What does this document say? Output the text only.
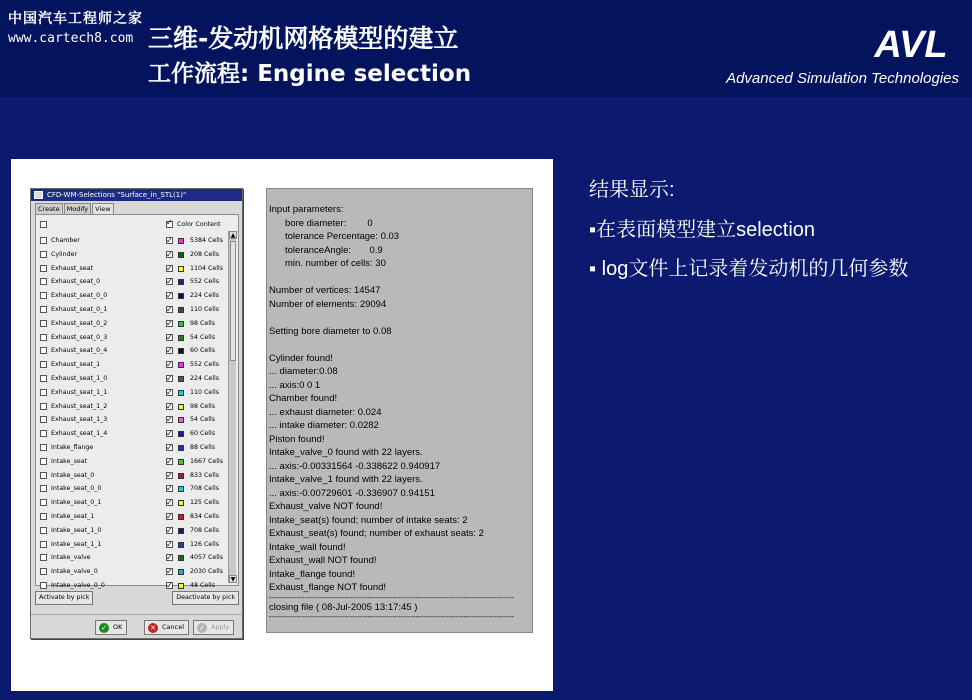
中国汽车工程师之家
www.cartech8.com 三维-发动机网格模型的建立
工作流程: Engine selection
AVL
Advanced Simulation Technologies
CFD-WM-Selections "Surface_in_STL(1)"
Create	Modify	View
✓
Color Content
Chamber ✓	5384 Cells
Cylinder ✓	208 Cells
Exhaust_seat ✓	1104 Cells
Exhaust_seat_0 ✓	552 Cells
Exhaust_seat_0_0 ✓	224 Cells
Exhaust_seat_0_1 ✓	110 Cells
Exhaust_seat_0_2 ✓	98 Cells
Exhaust_seat_0_3 ✓	54 Cells
Exhaust_seat_0_4 ✓	60 Cells
Exhaust_seat_1 ✓	552 Cells
Exhaust_seat_1_0 ✓	224 Cells
Exhaust_seat_1_1 ✓	110 Cells
Exhaust_seat_1_2 ✓	98 Cells
Exhaust_seat_1_3 ✓	54 Cells
Exhaust_seat_1_4 ✓	60 Cells
Intake_flange ✓	88 Cells
Intake_seat ✓	1667 Cells
Intake_seat_0 ✓	833 Cells
Intake_seat_0_0 ✓	708 Cells
Intake_seat_0_1 ✓	125 Cells
Intake_seat_1 ✓	834 Cells
Intake_seat_1_0 ✓	708 Cells
Intake_seat_1_1 ✓	126 Cells
Intake_valve ✓	4057 Cells
Intake_valve_0 ✓	2030 Cells
Intake_valve_0_0 ✓	48 Cells
▲
▼
Activate by pick	Deactivate by pick
✓ OK	✕ Cancel	✓ Apply
Input parameters:
bore diameter:        0
tolerance Percentage: 0.03
toleranceAngle:       0.9
min. number of cells: 30
Number of vertices: 14547
Number of elements: 29094
Setting bore diameter to 0.08
Cylinder found!
... diameter:0.08
... axis:0 0 1
Chamber found!
... exhaust diameter: 0.024
... intake diameter: 0.0282
Piston found!
Intake_valve_0 found with 22 layers.
... axis:-0.00331564 -0.338622 0.940917
Intake_valve_1 found with 22 layers.
... axis:-0.00729601 -0.336907 0.94151
Exhaust_valve NOT found!
Intake_seat(s) found; number of intake seats: 2
Exhaust_seat(s) found; number of exhaust seats: 2
Intake_wall found!
Exhaust_wall NOT found!
Intake_flange found!
Exhaust_flange NOT found!
-------------------------------------------------------------------------------------------------
closing file ( 08-Jul-2005 13:17:45 )
-------------------------------------------------------------------------------------------------
结果显示:
▪在表面模型建立selection
▪ log文件上记录着发动机的几何参数
